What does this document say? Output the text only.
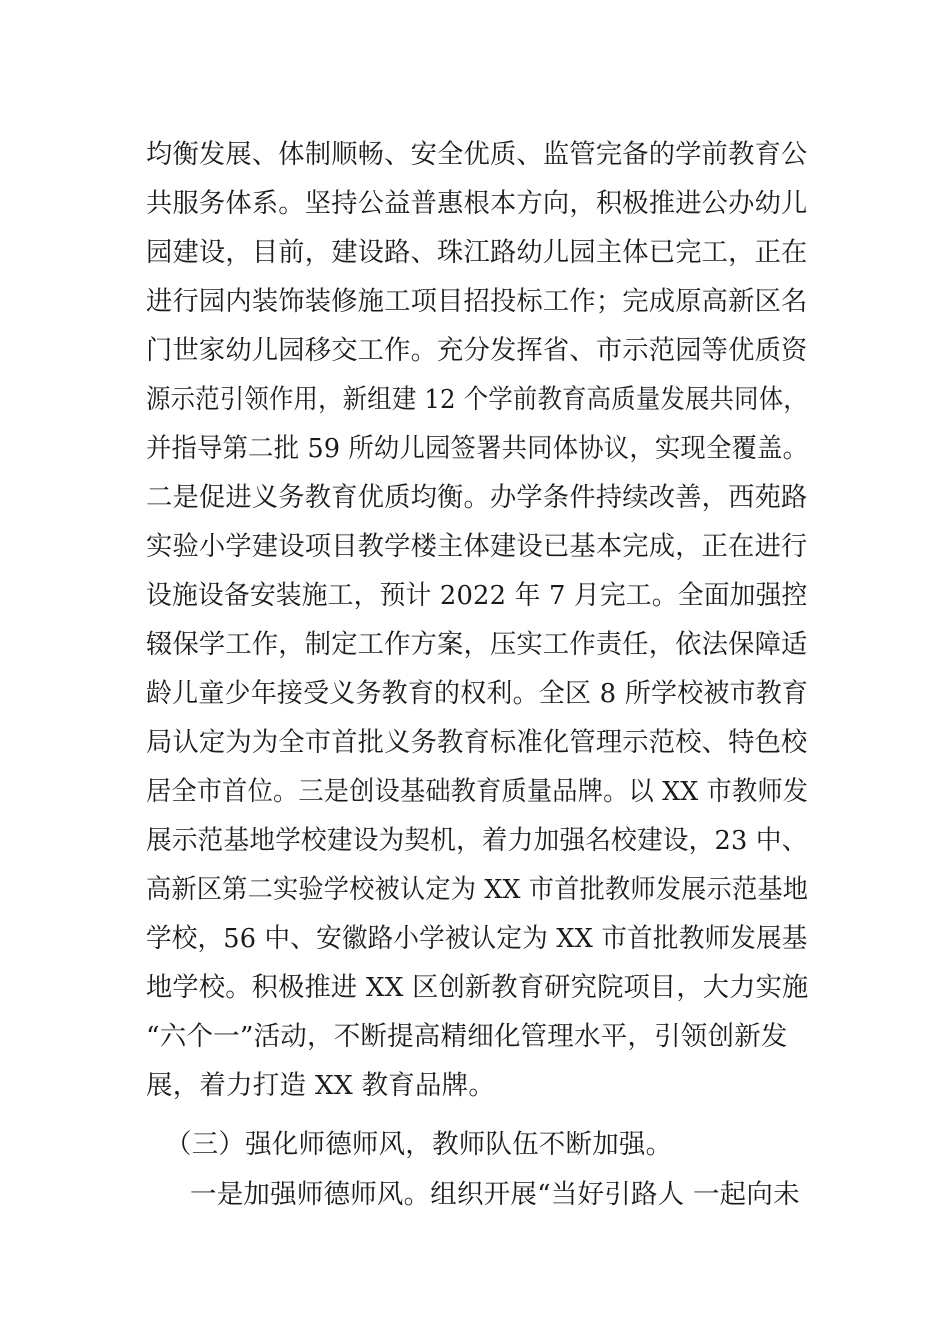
均衡发展、体制顺畅、安全优质、监管完备的学前教育公
共服务体系。坚持公益普惠根本方向，积极推进公办幼儿
园建设，目前，建设路、珠江路幼儿园主体已完工，正在
进行园内装饰装修施工项目招投标工作；完成原高新区名
门世家幼儿园移交工作。充分发挥省、市示范园等优质资
源示范引领作用，新组建 12 个学前教育高质量发展共同体，
并指导第二批 59 所幼儿园签署共同体协议，实现全覆盖。
二是促进义务教育优质均衡。办学条件持续改善，西苑路
实验小学建设项目教学楼主体建设已基本完成，正在进行
设施设备安装施工，预计 2022 年 7 月完工。全面加强控
辍保学工作，制定工作方案，压实工作责任，依法保障适
龄儿童少年接受义务教育的权利。全区 8 所学校被市教育
局认定为为全市首批义务教育标准化管理示范校、特色校
居全市首位。三是创设基础教育质量品牌。以 XX 市教师发
展示范基地学校建设为契机，着力加强名校建设，23 中、
高新区第二实验学校被认定为 XX 市首批教师发展示范基地
学校，56 中、安徽路小学被认定为 XX 市首批教师发展基
地学校。积极推进 XX 区创新教育研究院项目，大力实施
“六个一”活动，不断提高精细化管理水平，引领创新发
展，着力打造 XX 教育品牌。
（三）强化师德师风，教师队伍不断加强。
一是加强师德师风。组织开展“当好引路人 一起向未
